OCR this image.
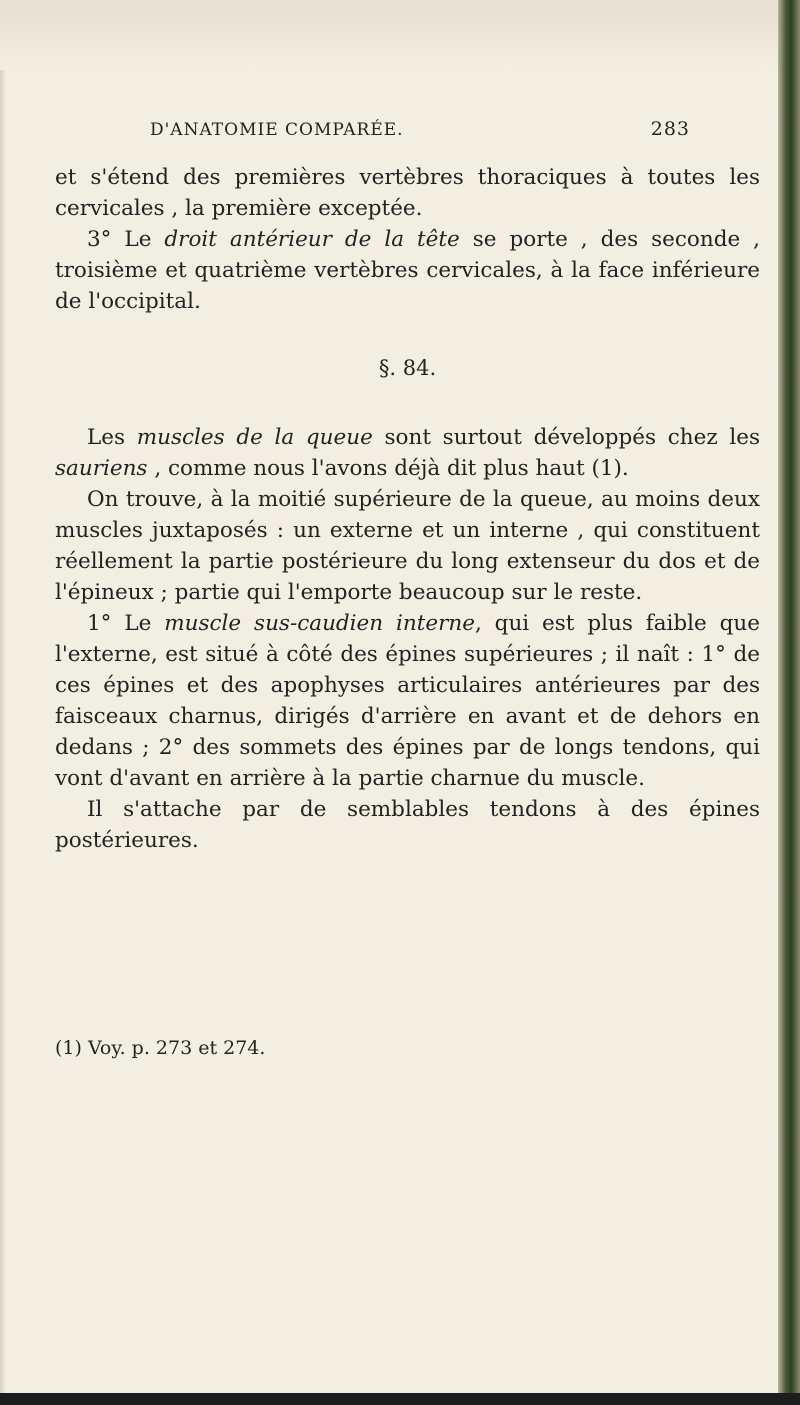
D'ANATOMIE COMPARÉE.	283

et s'étend des premières vertèbres thoraciques à toutes les cervicales , la première exceptée.

3° Le droit antérieur de la tête se porte , des seconde , troisième et quatrième vertèbres cervicales, à la face inférieure de l'occipital.

§. 84.

Les muscles de la queue sont surtout développés chez les sauriens , comme nous l'avons déjà dit plus haut (1).

On trouve, à la moitié supérieure de la queue, au moins deux muscles juxtaposés : un externe et un interne , qui constituent réellement la partie postérieure du long extenseur du dos et de l'épineux ; partie qui l'emporte beaucoup sur le reste.

1° Le muscle sus-caudien interne, qui est plus faible que l'externe, est situé à côté des épines supérieures ; il naît : 1° de ces épines et des apophyses articulaires antérieures par des faisceaux charnus, dirigés d'arrière en avant et de dehors en dedans ; 2° des sommets des épines par de longs tendons, qui vont d'avant en arrière à la partie charnue du muscle.

Il s'attache par de semblables tendons à des épines postérieures.

(1) Voy. p. 273 et 274.
